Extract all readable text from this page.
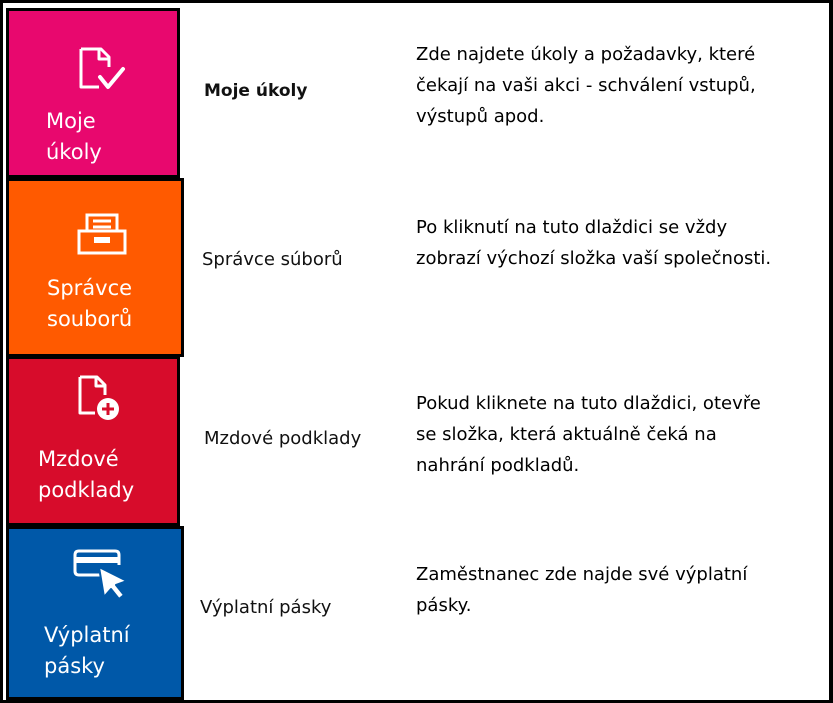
Moje
úkoly
Moje úkoly
Zde najdete úkoly a požadavky, které
čekají na vaši akci - schválení vstupů,
výstupů apod.
Správce
souborů
Správce súborů
Po kliknutí na tuto dlaždici se vždy
zobrazí výchozí složka vaší společnosti.
Mzdové
podklady
Mzdové podklady
Pokud kliknete na tuto dlaždici, otevře
se složka, která aktuálně čeká na
nahrání podkladů.
Výplatní
pásky
Výplatní pásky
Zaměstnanec zde najde své výplatní
pásky.
